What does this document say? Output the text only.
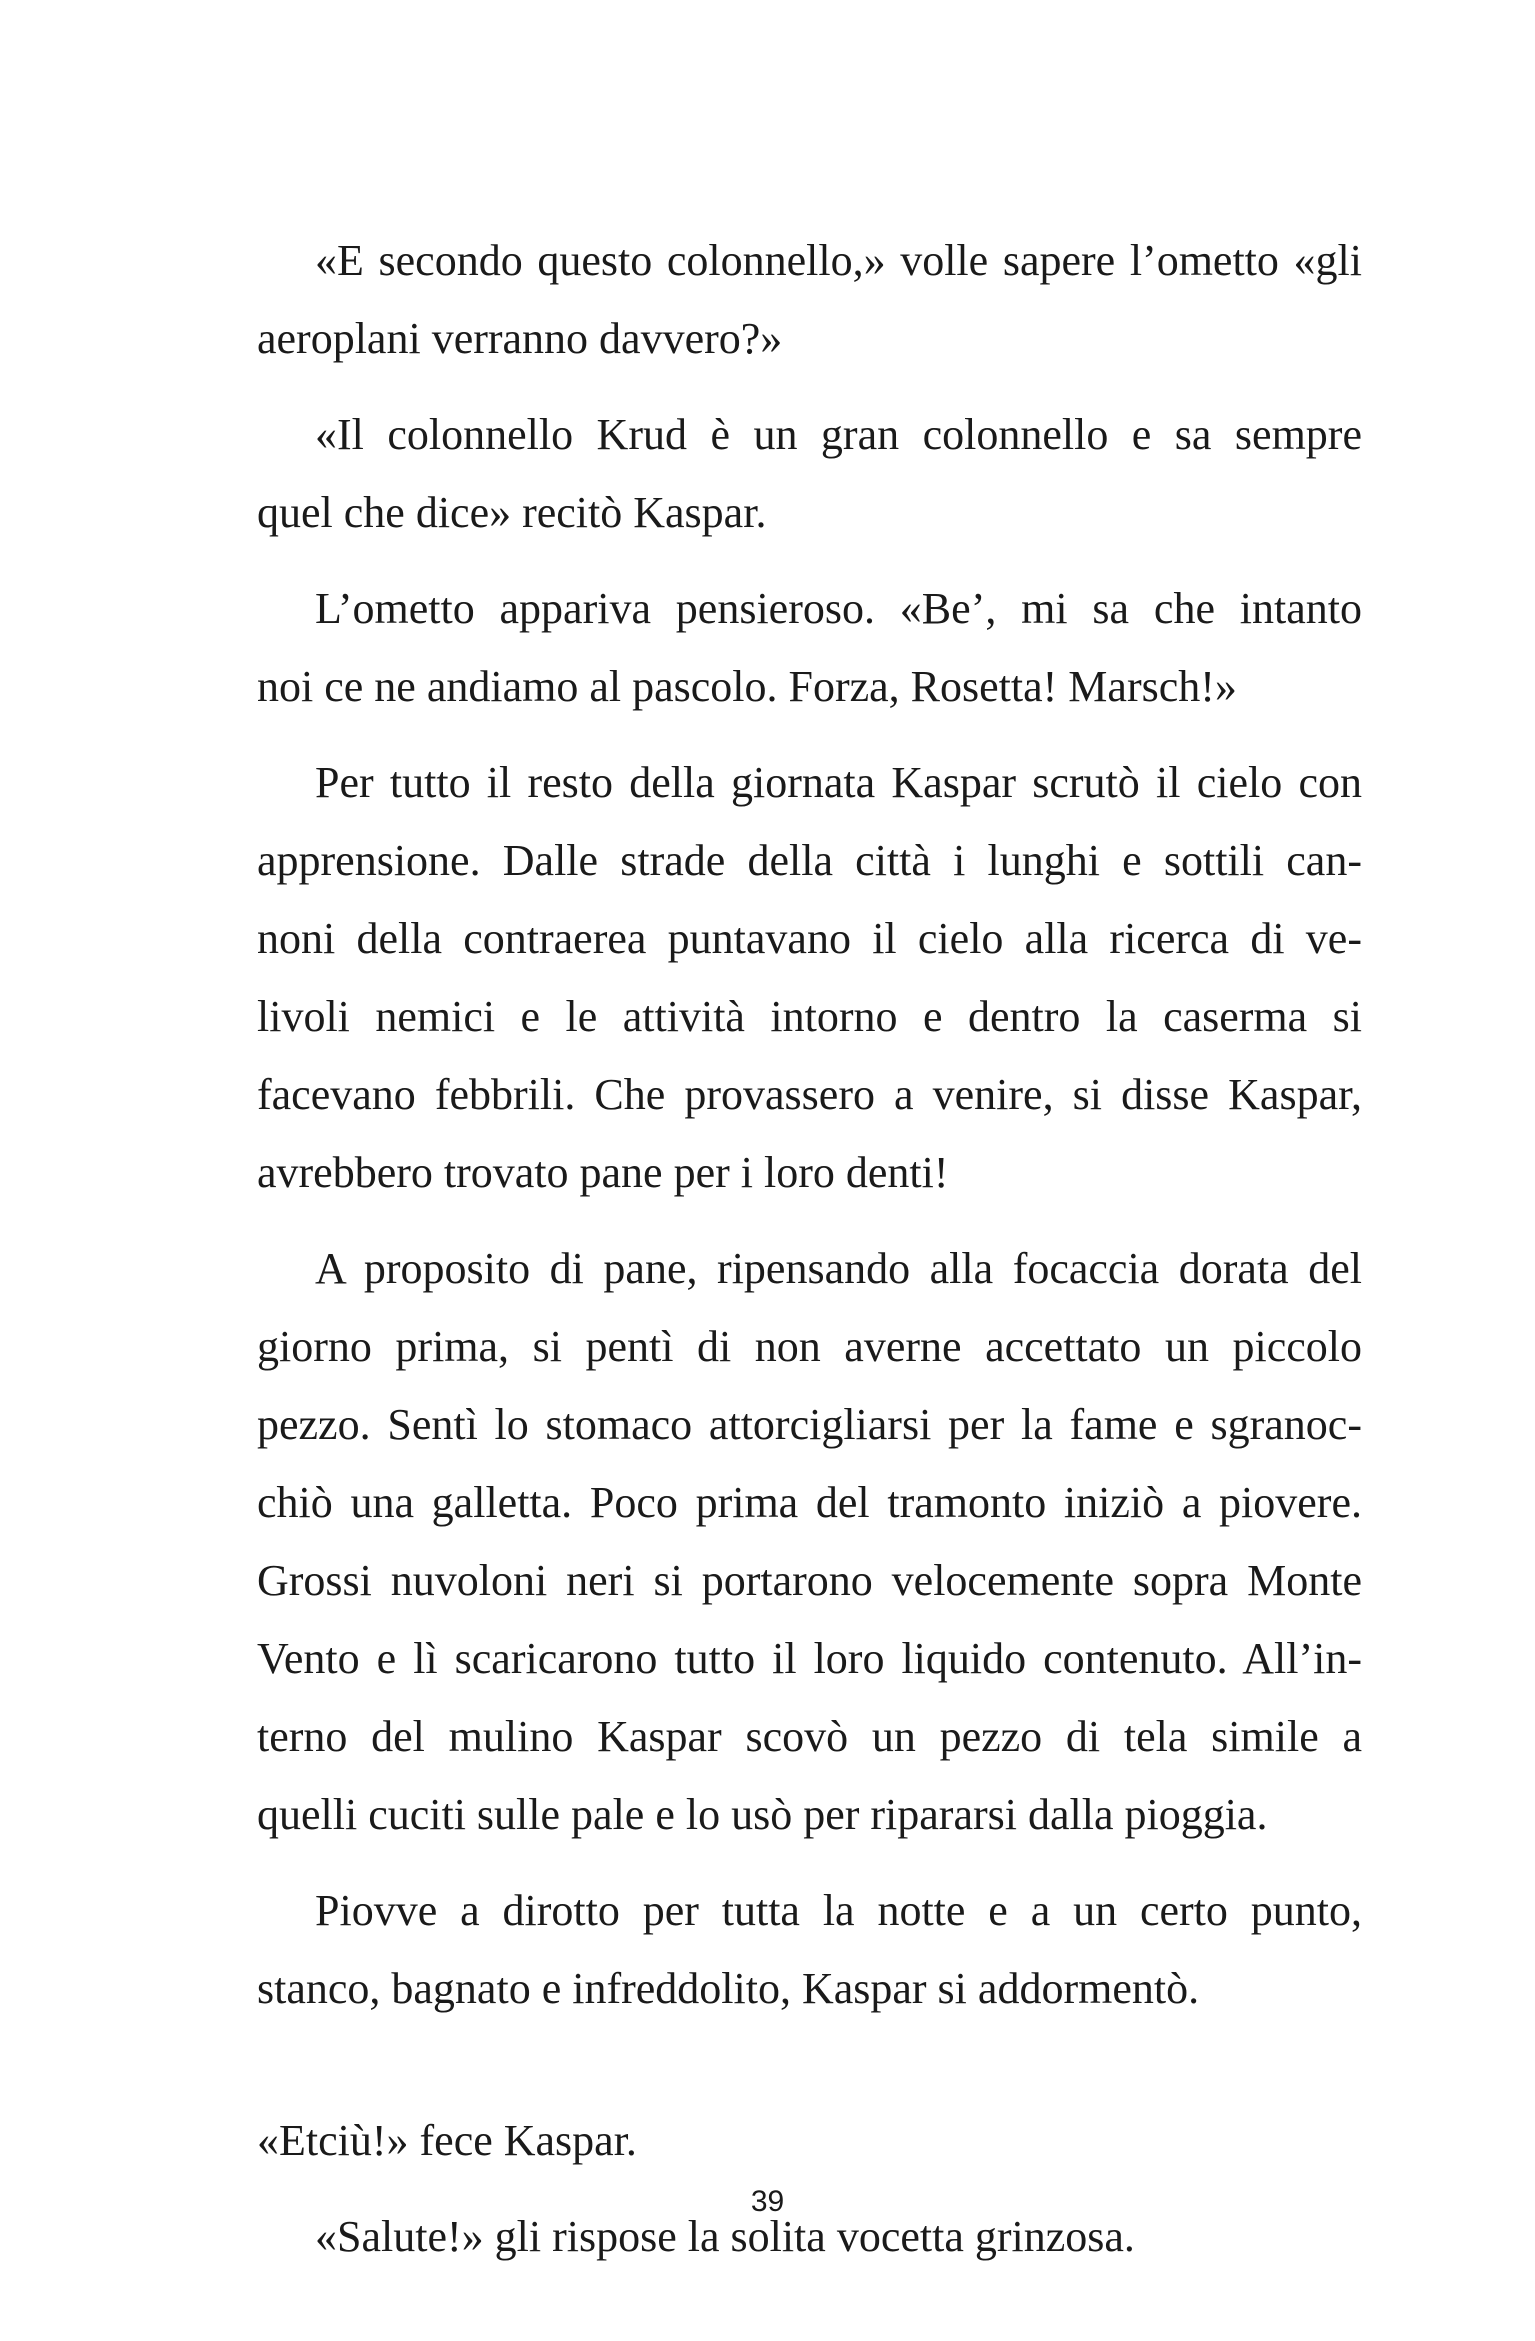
«E secondo questo colonnello,» volle sapere l’ometto «gli
aeroplani verranno davvero?»
«Il colonnello Krud è un gran colonnello e sa sempre
quel che dice» recitò Kaspar.
L’ometto appariva pensieroso. «Be’, mi sa che intanto
noi ce ne andiamo al pascolo. Forza, Rosetta! Marsch!»
Per tutto il resto della giornata Kaspar scrutò il cielo con
apprensione. Dalle strade della città i lunghi e sottili can-
noni della contraerea puntavano il cielo alla ricerca di ve-
livoli nemici e le attività intorno e dentro la caserma si
facevano febbrili. Che provassero a venire, si disse Kaspar,
avrebbero trovato pane per i loro denti!
A proposito di pane, ripensando alla focaccia dorata del
giorno prima, si pentì di non averne accettato un piccolo
pezzo. Sentì lo stomaco attorcigliarsi per la fame e sgranoc-
chiò una galletta. Poco prima del tramonto iniziò a piovere.
Grossi nuvoloni neri si portarono velocemente sopra Monte
Vento e lì scaricarono tutto il loro liquido contenuto. All’in-
terno del mulino Kaspar scovò un pezzo di tela simile a
quelli cuciti sulle pale e lo usò per ripararsi dalla pioggia.
Piovve a dirotto per tutta la notte e a un certo punto,
stanco, bagnato e infreddolito, Kaspar si addormentò.
«Etciù!» fece Kaspar.
«Salute!» gli rispose la solita vocetta grinzosa.
39
